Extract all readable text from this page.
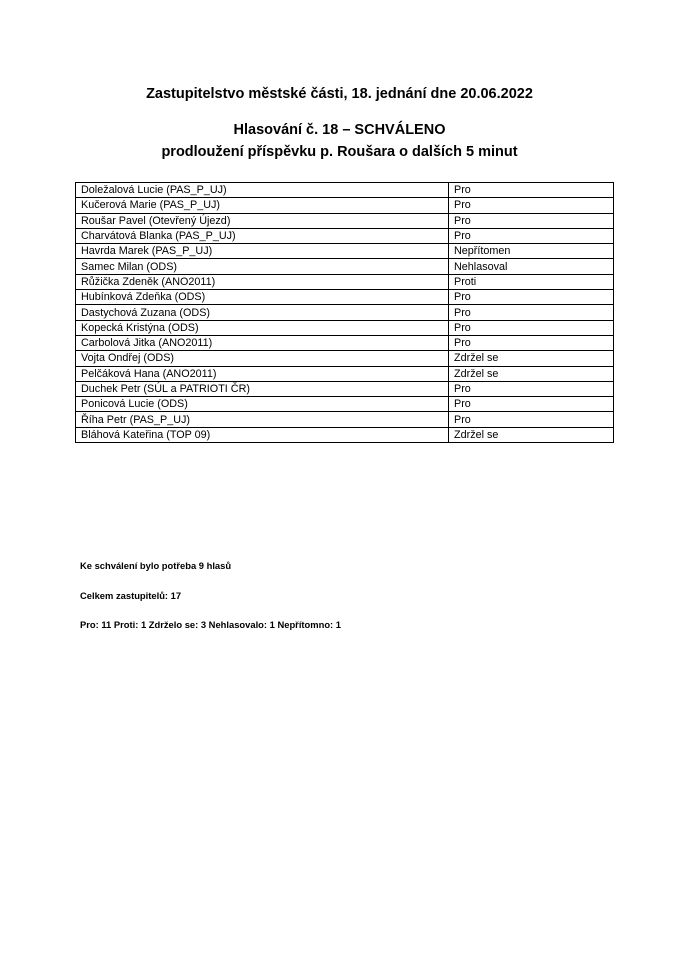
Zastupitelstvo městské části, 18. jednání dne 20.06.2022
Hlasování č. 18 – SCHVÁLENO
prodloužení příspěvku p. Roušara o dalších 5 minut
Doležalová Lucie (PAS_P_UJ)	Pro
Kučerová Marie (PAS_P_UJ)	Pro
Roušar Pavel (Otevřený Újezd)	Pro
Charvátová Blanka (PAS_P_UJ)	Pro
Havrda Marek (PAS_P_UJ)	Nepřítomen
Samec Milan (ODS)	Nehlasoval
Růžička Zdeněk (ANO2011)	Proti
Hubínková Zdeňka (ODS)	Pro
Dastychová Zuzana (ODS)	Pro
Kopecká Kristýna (ODS)	Pro
Carbolová Jitka (ANO2011)	Pro
Vojta Ondřej (ODS)	Zdržel se
Pelčáková Hana (ANO2011)	Zdržel se
Duchek Petr (SÚL a PATRIOTI ČR)	Pro
Ponicová Lucie (ODS)	Pro
Říha Petr (PAS_P_UJ)	Pro
Bláhová Kateřina (TOP 09)	Zdržel se
Ke schválení bylo potřeba 9 hlasů
Celkem zastupitelů: 17
Pro: 11 Proti: 1 Zdrželo se: 3 Nehlasovalo: 1 Nepřítomno: 1
